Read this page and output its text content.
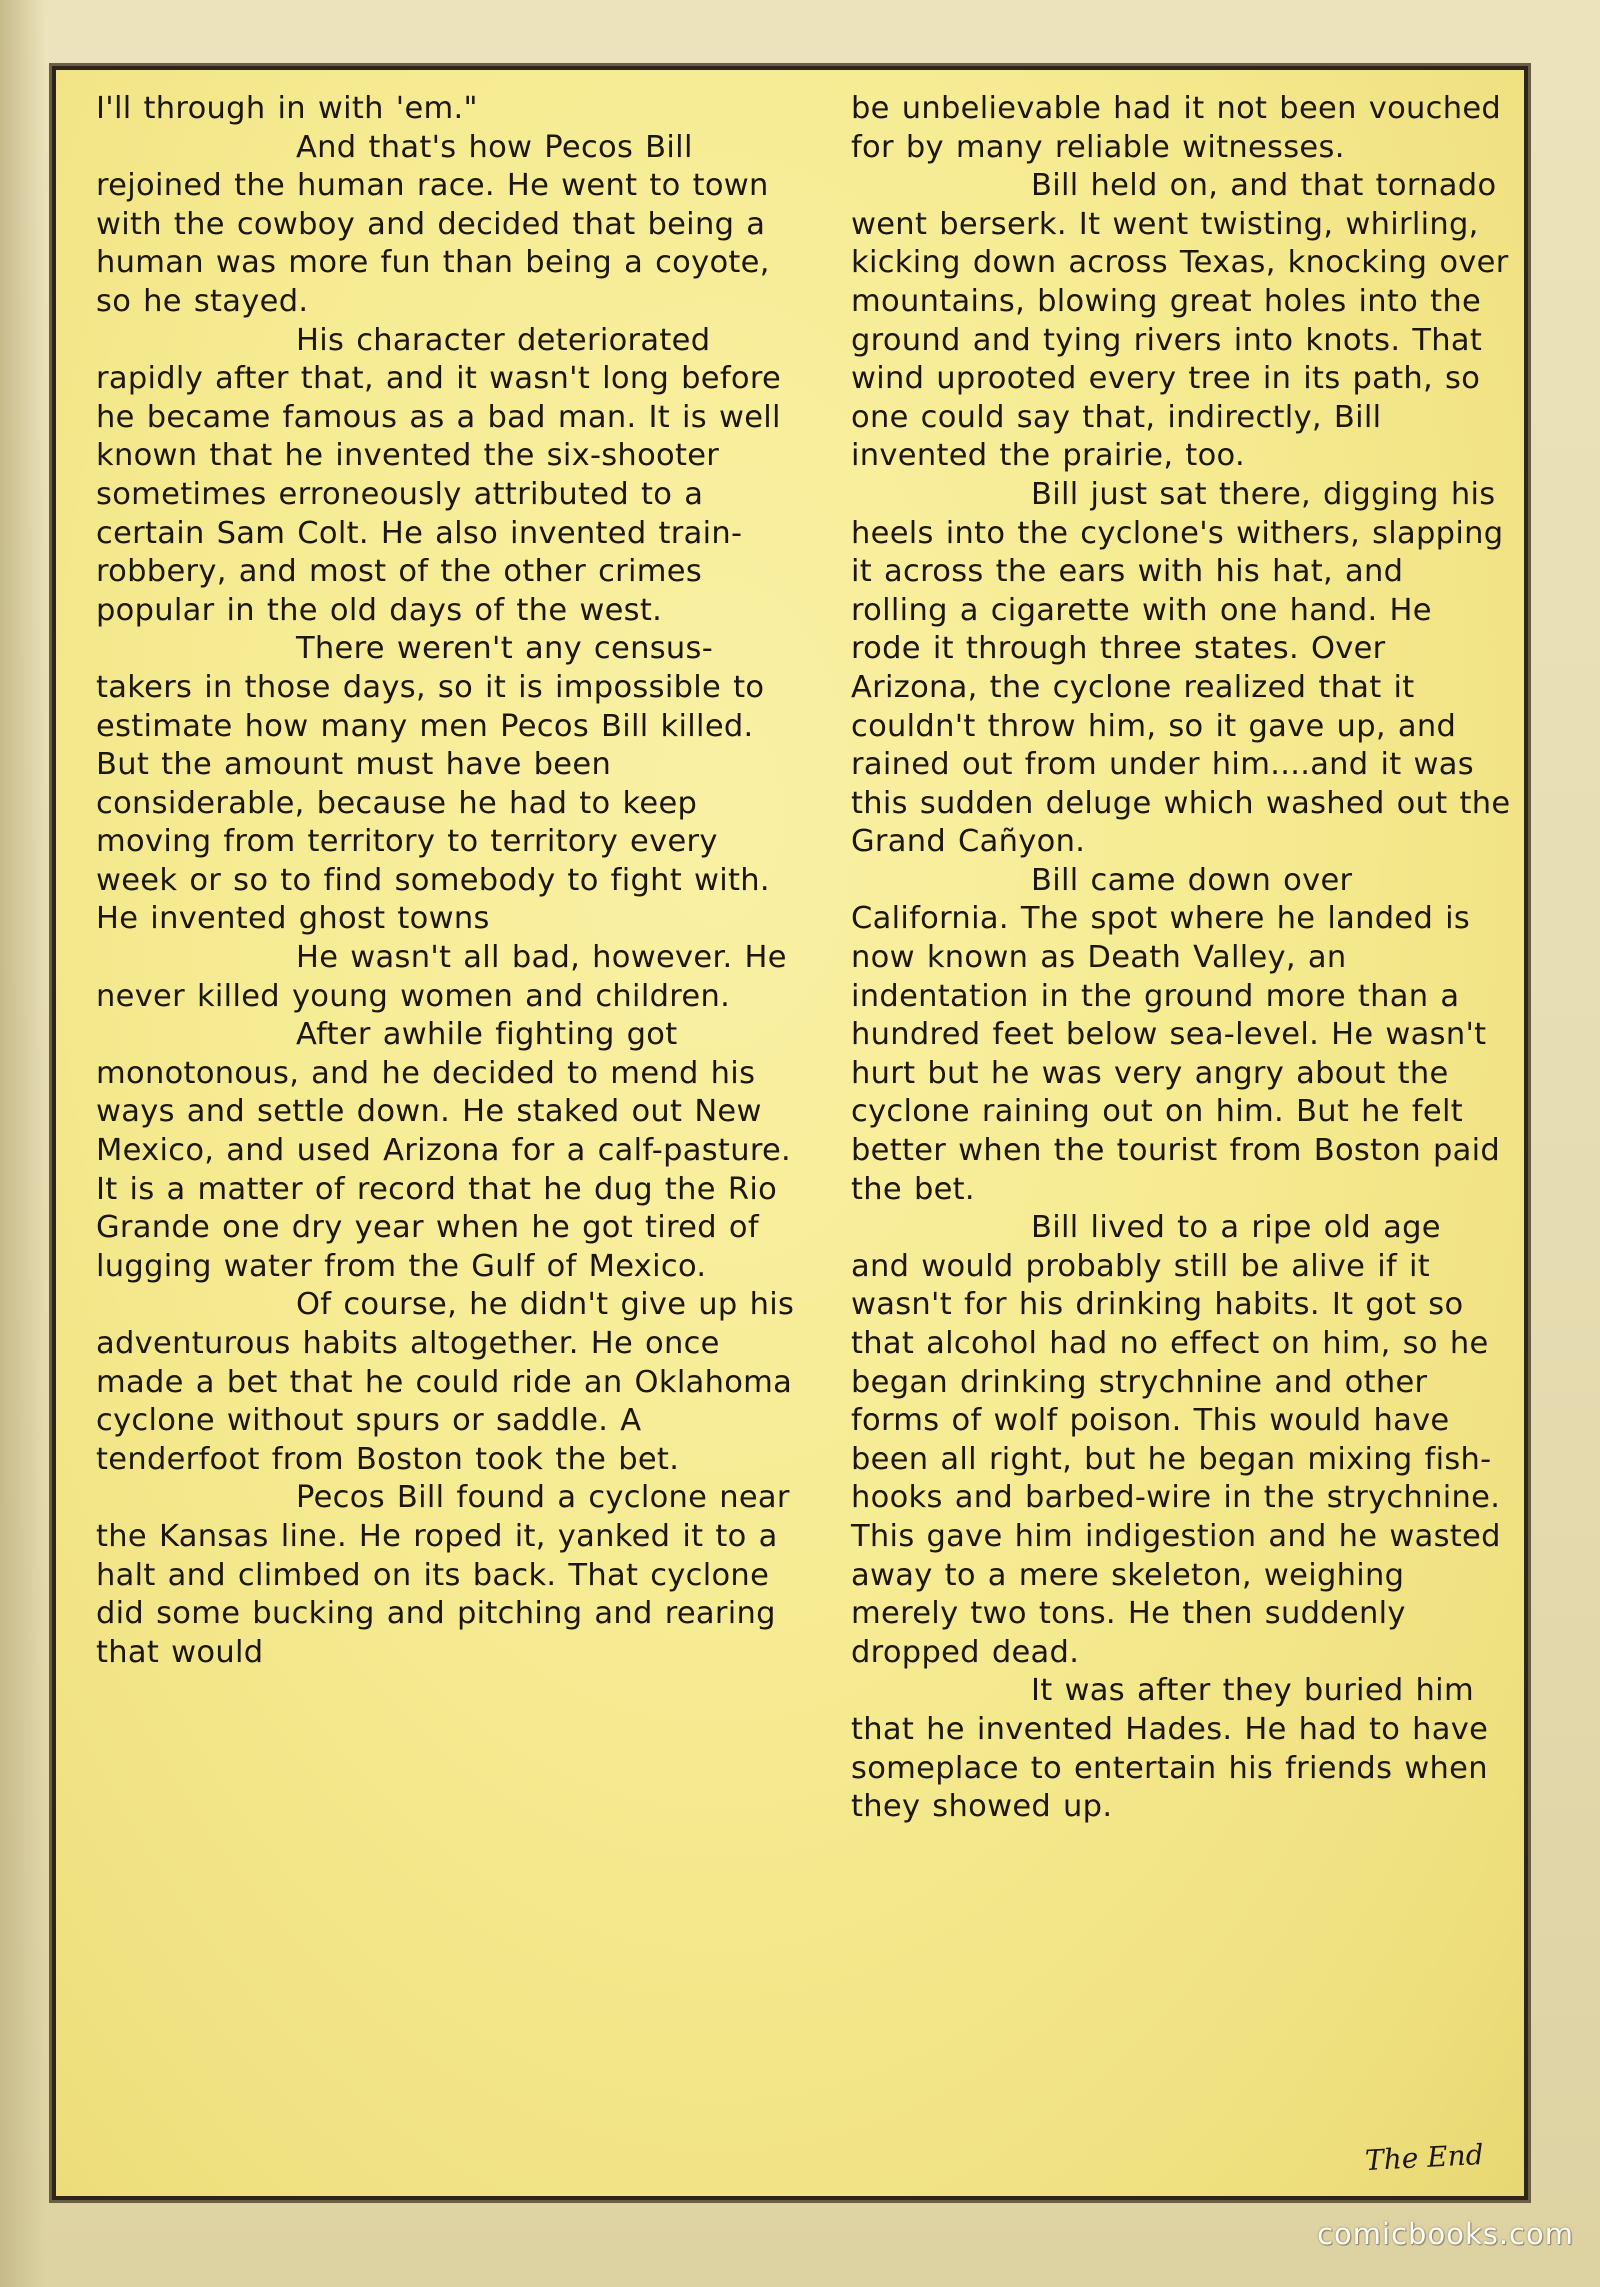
I'll through in with 'em."

And that's how Pecos Bill rejoined the human race. He went to town with the cowboy and decided that being a human was more fun than being a coyote, so he stayed.

His character deteriorated rapidly after that, and it wasn't long before he became famous as a bad man. It is well known that he invented the six-shooter sometimes erroneously attributed to a certain Sam Colt. He also invented train-robbery, and most of the other crimes popular in the old days of the west.

There weren't any census-takers in those days, so it is impossible to estimate how many men Pecos Bill killed. But the amount must have been considerable, because he had to keep moving from territory to territory every week or so to find somebody to fight with. He invented ghost towns

He wasn't all bad, however. He never killed young women and children.

After awhile fighting got monotonous, and he decided to mend his ways and settle down. He staked out New Mexico, and used Arizona for a calf-pasture. It is a matter of record that he dug the Rio Grande one dry year when he got tired of lugging water from the Gulf of Mexico.

Of course, he didn't give up his adventurous habits altogether. He once made a bet that he could ride an Oklahoma cyclone without spurs or saddle. A tenderfoot from Boston took the bet.

Pecos Bill found a cyclone near the Kansas line. He roped it, yanked it to a halt and climbed on its back. That cyclone did some bucking and pitching and rearing that would

be unbelievable had it not been vouched for by many reliable witnesses.

Bill held on, and that tornado went berserk. It went twisting, whirling, kicking down across Texas, knocking over mountains, blowing great holes into the ground and tying rivers into knots. That wind uprooted every tree in its path, so one could say that, indirectly, Bill invented the prairie, too.

Bill just sat there, digging his heels into the cyclone's withers, slapping it across the ears with his hat, and rolling a cigarette with one hand. He rode it through three states. Over Arizona, the cyclone realized that it couldn't throw him, so it gave up, and rained out from under him....and it was this sudden deluge which washed out the Grand Cañyon.

Bill came down over California. The spot where he landed is now known as Death Valley, an indentation in the ground more than a hundred feet below sea-level. He wasn't hurt but he was very angry about the cyclone raining out on him. But he felt better when the tourist from Boston paid the bet.

Bill lived to a ripe old age and would probably still be alive if it wasn't for his drinking habits. It got so that alcohol had no effect on him, so he began drinking strychnine and other forms of wolf poison. This would have been all right, but he began mixing fish-hooks and barbed-wire in the strychnine. This gave him indigestion and he wasted away to a mere skeleton, weighing merely two tons. He then suddenly dropped dead.

It was after they buried him that he invented Hades. He had to have someplace to entertain his friends when they showed up.

The End
comicbooks.com
